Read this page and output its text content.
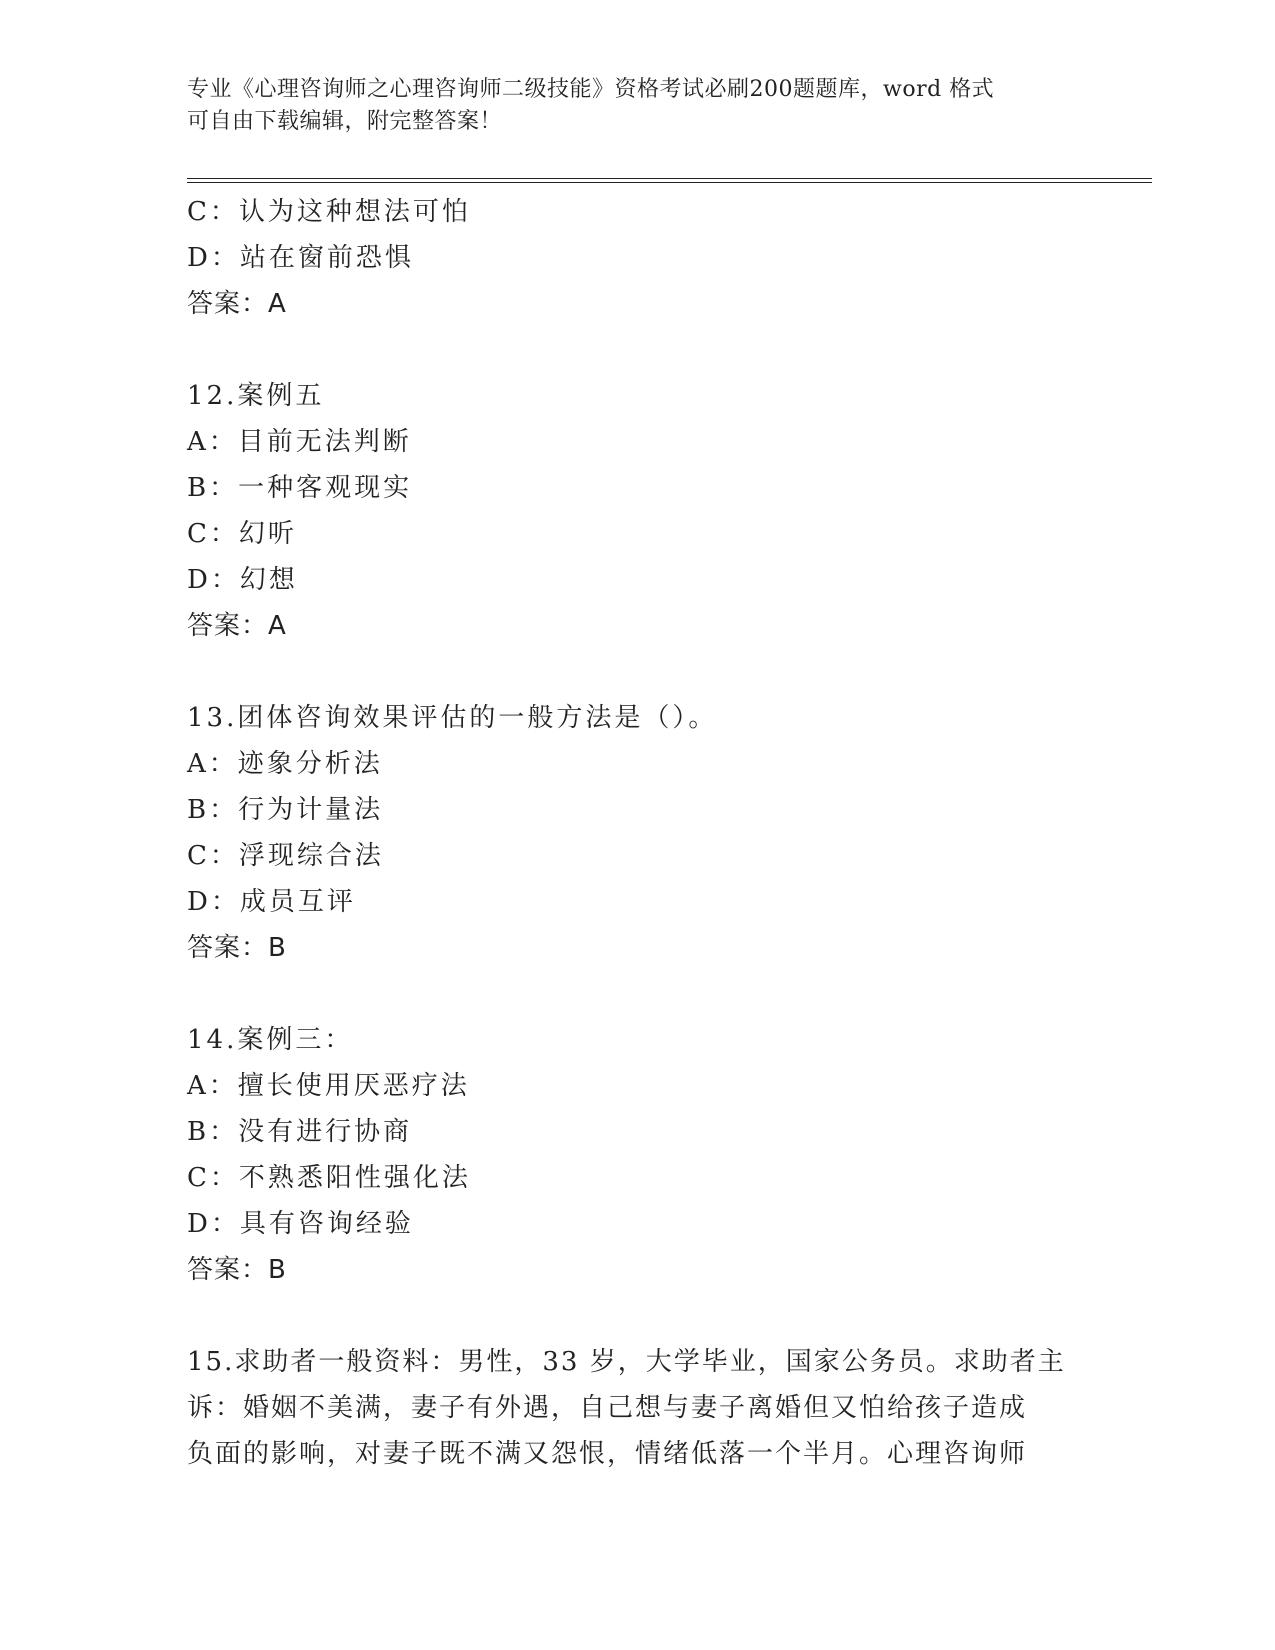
专业《心理咨询师之心理咨询师二级技能》资格考试必刷200题题库，word 格式
可自由下载编辑，附完整答案！
C：认为这种想法可怕
D：站在窗前恐惧
答案：A
12.案例五
A：目前无法判断
B：一种客观现实
C：幻听
D：幻想
答案：A
13.团体咨询效果评估的一般方法是（）。
A：迹象分析法
B：行为计量法
C：浮现综合法
D：成员互评
答案：B
14.案例三：
A：擅长使用厌恶疗法
B：没有进行协商
C：不熟悉阳性强化法
D：具有咨询经验
答案：B
15.求助者一般资料：男性，33 岁，大学毕业，国家公务员。求助者主
诉：婚姻不美满，妻子有外遇，自己想与妻子离婚但又怕给孩子造成
负面的影响，对妻子既不满又怨恨，情绪低落一个半月。心理咨询师
